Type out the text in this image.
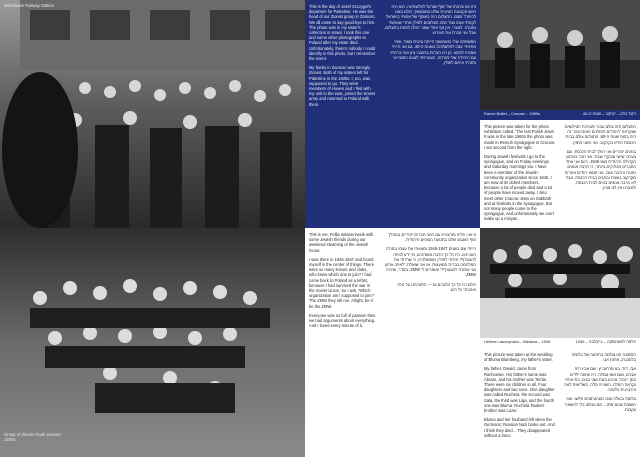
Wloclawek Railway Station	This is the day of Josef Szczygel's departure for Palestine. He was the head of our Zionist group in Zamosc. We all came to say good-bye to him. The photo was in my sister's collection in Israel. I took this one and some other photographs to Poland after my sister died. Unfortunately, there's nobody I could identify in this photo, but I remember the event.

My family in Zamosc was strongly Zionist. Both of my sisters left for Palestine in the 1930s. I, too, was supposed to go. They were members of Hovevi and I fled with my unit to the east, joined the Soviet army and returned to Poland with them.

זהו יום עזיבתו של יוסף שצ'יגל לפלשתינה. הוא היה ראש הקבוצה הציונית שלנו בזאמושץ'. כולנו באנו להיפרד ממנו. התצלום היה באוסף של אחותי בישראל. לקחתי אותו ועוד כמה תצלומים לפולין אחרי שאחותי נפטרה. לצערי, אין אף אחד שאני יכולה לזהות בתצלום, אבל אני זוכרת את האירוע.

המשפחה שלי בזאמושץ' הייתה ציונית מאוד. שתי אחיותיי עזבו לפלשתינה בשנות ה-30. גם אני הייתי אמורה לנסוע. הן היו חברות בחובבי ציון ואני ברחתי עם היחידה שלי מזרחה, הצטרפתי לצבא הסובייטי וחזרתי איתם לפולין.

Dance Ballet – Cracow – 1960s	רקוד בלט – קרקוב – שנות ה-60

This picture was taken for the photo exhibition called, 'The last Polish Jews'. It was in the late 1960s the photo was made in Remuh Synagogue in Cracow. I am second from the right.

During Jewish festivals I go to the synagogue, and on Friday evenings and Saturday mornings too. I have been a member of the Jewish community organization since 1945. I am now at its oldest members, because a lot of people died and a lot of people have moved away. I also meet other Cracow Jews on Sabbath and at festivals in the synagogue. But not many people come to the synagogue, and unfortunately we can't make up a minyan.

התצלום הזה צולם עבור תערוכת הצילומים שנקראה 'היהודים הפולנים האחרונים'. זה היה בסוף שנות ה-60, התצלום צולם בבית הכנסת רמ"א בקרקוב. אני השני מימין.

בחגים יהודיים אני הולך לבית הכנסת, וגם בערבי שישי ובבקרי שבת. אני חבר בארגון הקהילה היהודית מאז 1945. כיום אני אחד החברים הוותיקים ביותר, כי הרבה אנשים נפטרו והרבה עזבו. אני פוגש יהודים אחרים מקרקוב בשבת ובחגים בבית הכנסת. אבל לא הרבה אנשים באים לבית הכנסת, ולצערנו אין לנו מניין.

Group of Zionist Youth Zamosc 1930s

This is me, Fellia Wasserzweik with some Jewish friends during our weekend steaming of the Jewish Scout.

I was there in 1946-1947 and found myself in the center of things. There were so many leisure and clubs, who knew which one to join? I had come back to Poland as a leftist, because I had survived the war in the Soviet Union. So I ask, 'Which organization am I supposed to join?' The ZMW they tell me. Alright, be it be the ZMW.

Everyone was so full of passion then we had arguments about everything. And I loved every minute of it.

זו אני, פליה וסרצווייג עם כמה חברים יהודיים במהלך סוף השבוע שלנו בתנועת הצופים היהודית.

הייתי שם בשנים 1946-1947 ומצאתי את עצמי במרכז העניינים. היו כל כך הרבה מועדונים, מי ידע לאיזה להצטרף? חזרתי לפולין כשמאלנית, כי שרדתי את המלחמה בברית המועצות. אז אני שואלת: 'לאיזה ארגון אני אמורה להצטרף?' ואומרים לי ZMW. בסדר, שיהיה ZMW.

כולם היו כל כך נלהבים אז — התווכחנו על הכל. ואהבתי כל רגע.

Hellma Lasocynska – Bielawa – 1936	הלמה לסוצינסקה – בייבלבה – 1936

This picture was taken at the wedding of Bluma Blumberg, my father's sister.

My father, Dawid, came from Rachowiec. His father's name was Abram, and his mother was Temla. There were six children in all. Four daughters and two sons. One daughter was called Ruchela, the second was Sala, the third was Laja, and the fourth one was Bluma. Ruchela Tauba's brother was Luzer.

Bluma and her husband left when the Germans; Russian Nazi broke out. And I think they died... They disappeared without a trace.

התמונה הזו צולמה בחתונה של בלומה בלומברג, אחות אבי.

אבי, דוד, בא מרחובייץ. שם אביו היה אברם, ושם אמו טמלה. היו שישה ילדים בסך הכול, ארבע בנות ושני בנים. בת אחת נקראה רוחלה, השנייה סלה, השלישית לאה והרביעית בלומה.

בלומה ובעלה עזבו כשהגרמנים פלשו. ואני חושבת שהם מתו... הם נעלמו בלי להשאיר עקבות.
